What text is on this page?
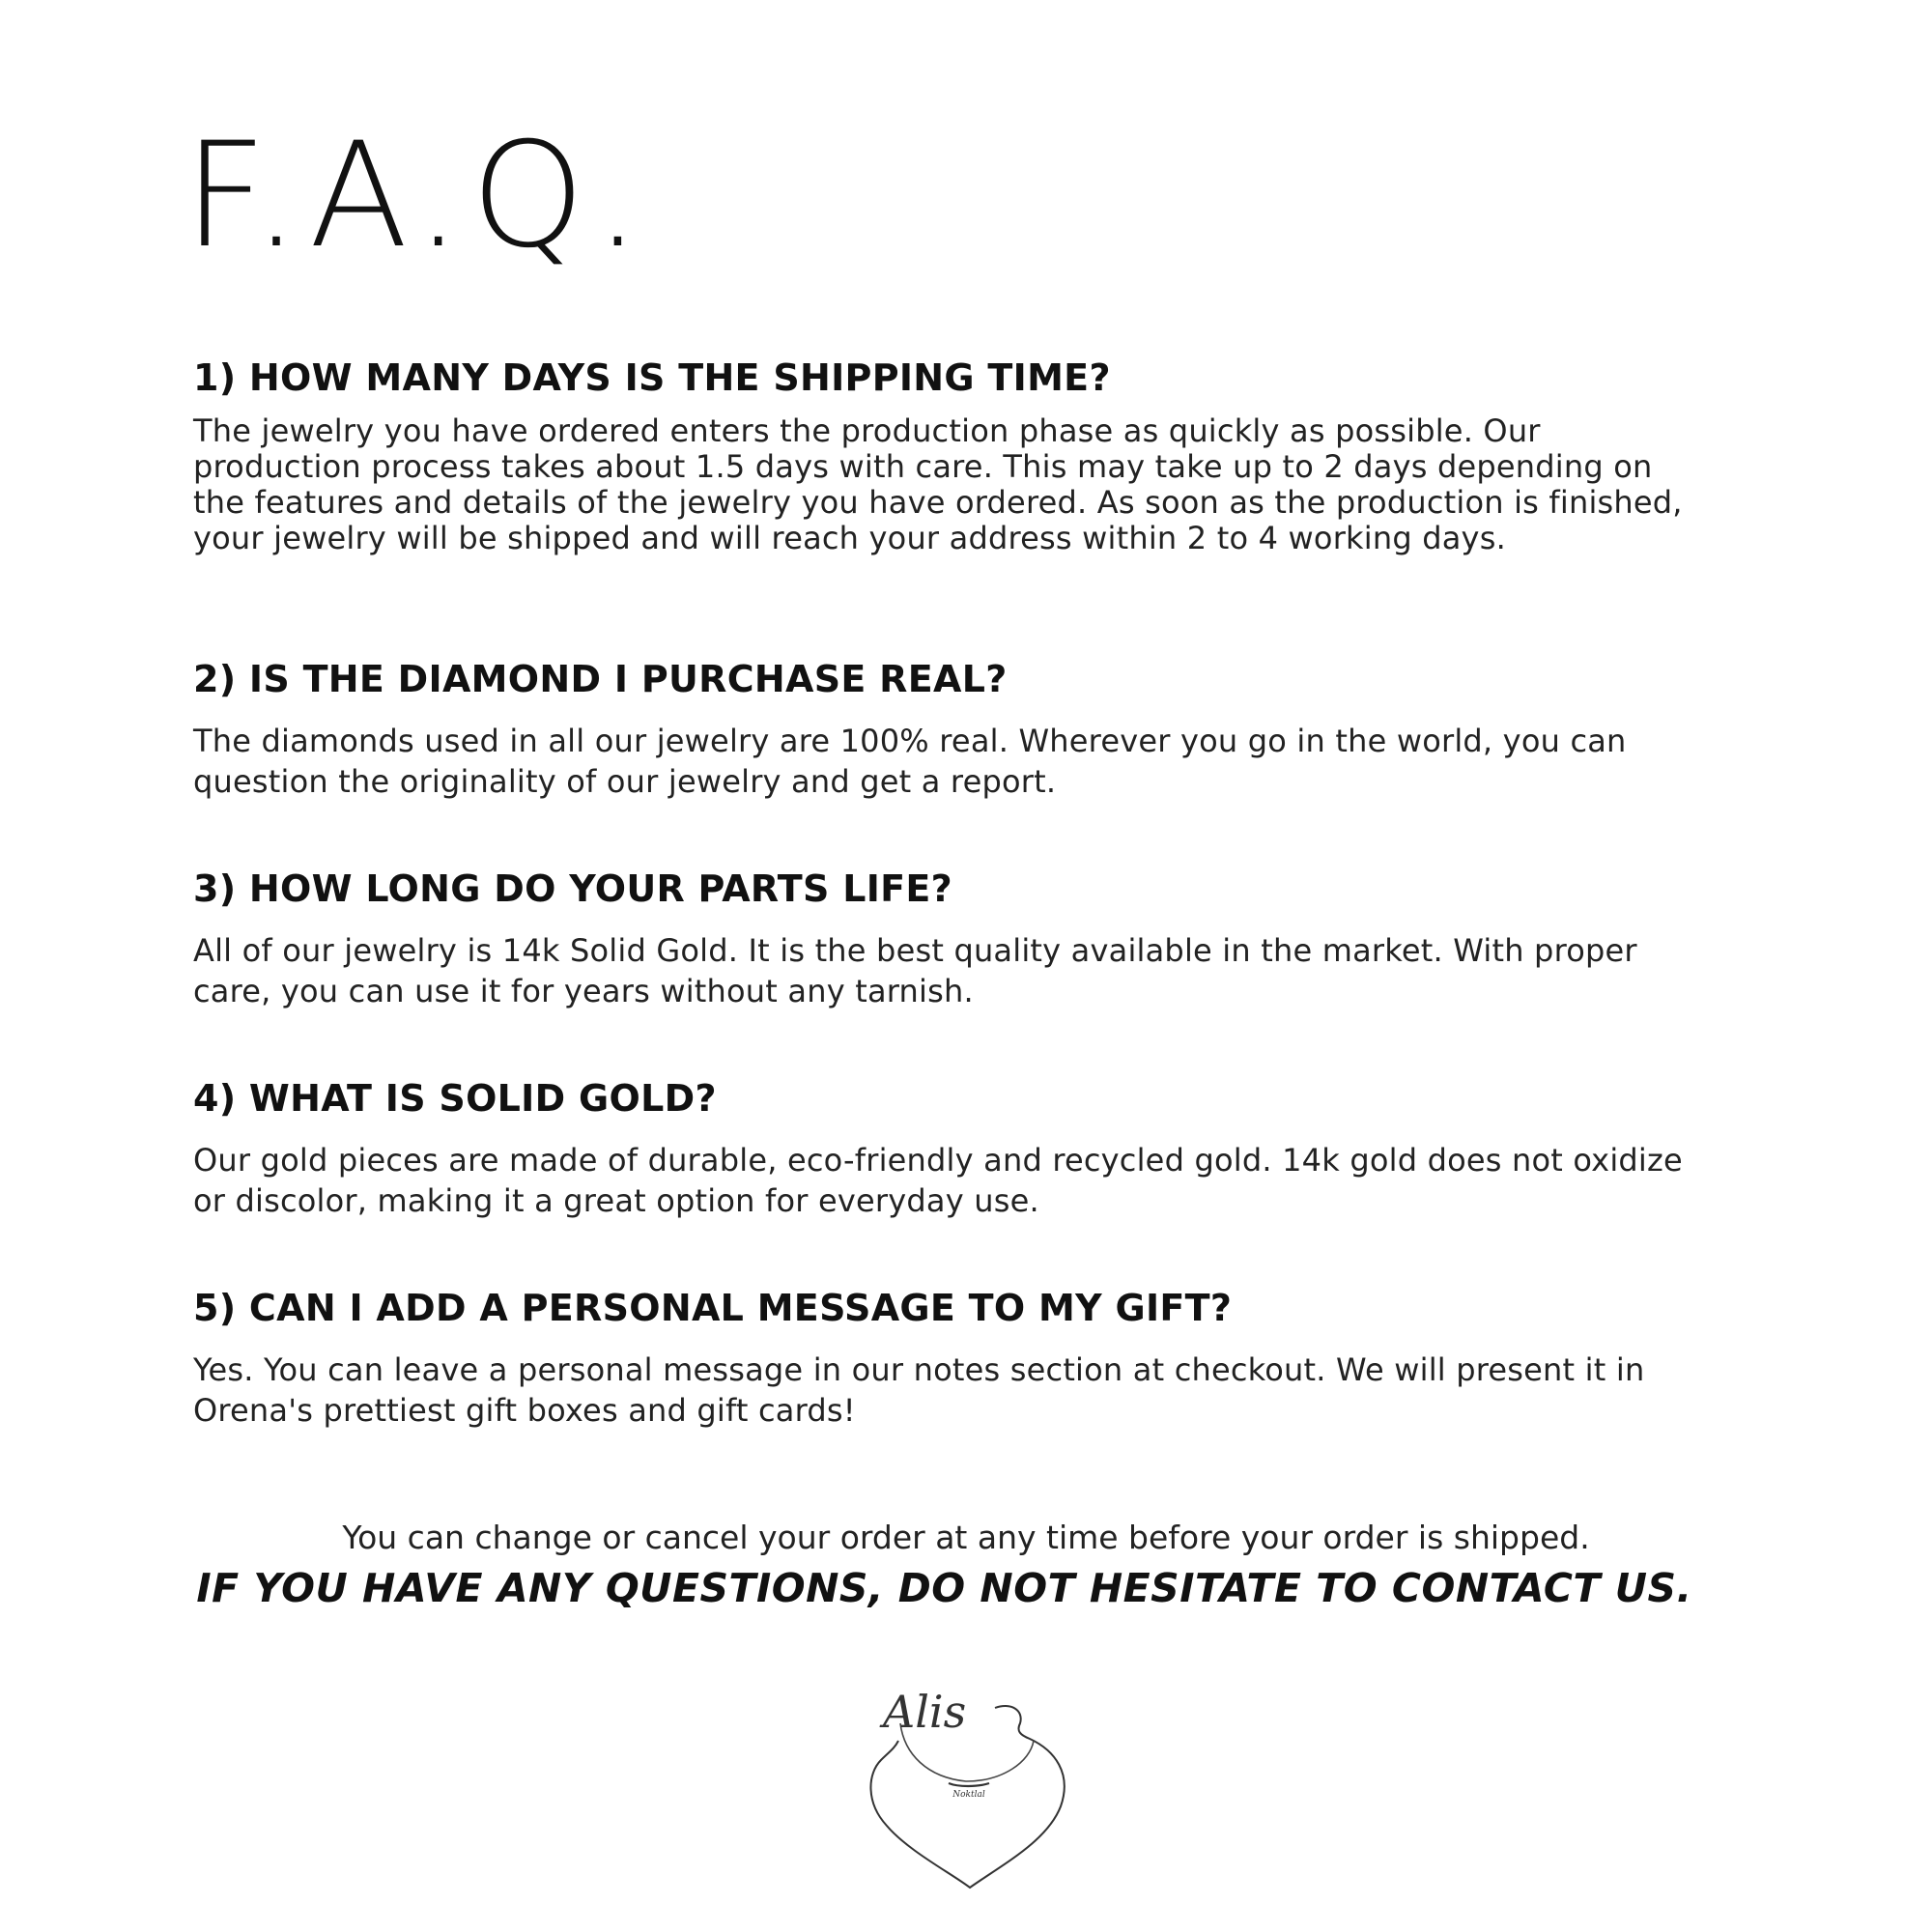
F.A.Q.
1) HOW MANY DAYS IS THE SHIPPING TIME?

The jewelry you have ordered enters the production phase as quickly as possible. Our production process takes about 1.5 days with care. This may take up to 2 days depending on the features and details of the jewelry you have ordered. As soon as the production is finished, your jewelry will be shipped and will reach your address within 2 to 4 working days.

2) IS THE DIAMOND I PURCHASE REAL?

The diamonds used in all our jewelry are 100% real. Wherever you go in the world, you can question the originality of our jewelry and get a report.

3) HOW LONG DO YOUR PARTS LIFE?

All of our jewelry is 14k Solid Gold. It is the best quality available in the market. With proper care, you can use it for years without any tarnish.

4) WHAT IS SOLID GOLD?

Our gold pieces are made of durable, eco-friendly and recycled gold. 14k gold does not oxidize or discolor, making it a great option for everyday use.

5) CAN I ADD A PERSONAL MESSAGE TO MY GIFT?

Yes. You can leave a personal message in our notes section at checkout. We will present it in Orena's prettiest gift boxes and gift cards!

You can change or cancel your order at any time before your order is shipped.

IF YOU HAVE ANY QUESTIONS, DO NOT HESITATE TO CONTACT US.

Noktlal
Alis
